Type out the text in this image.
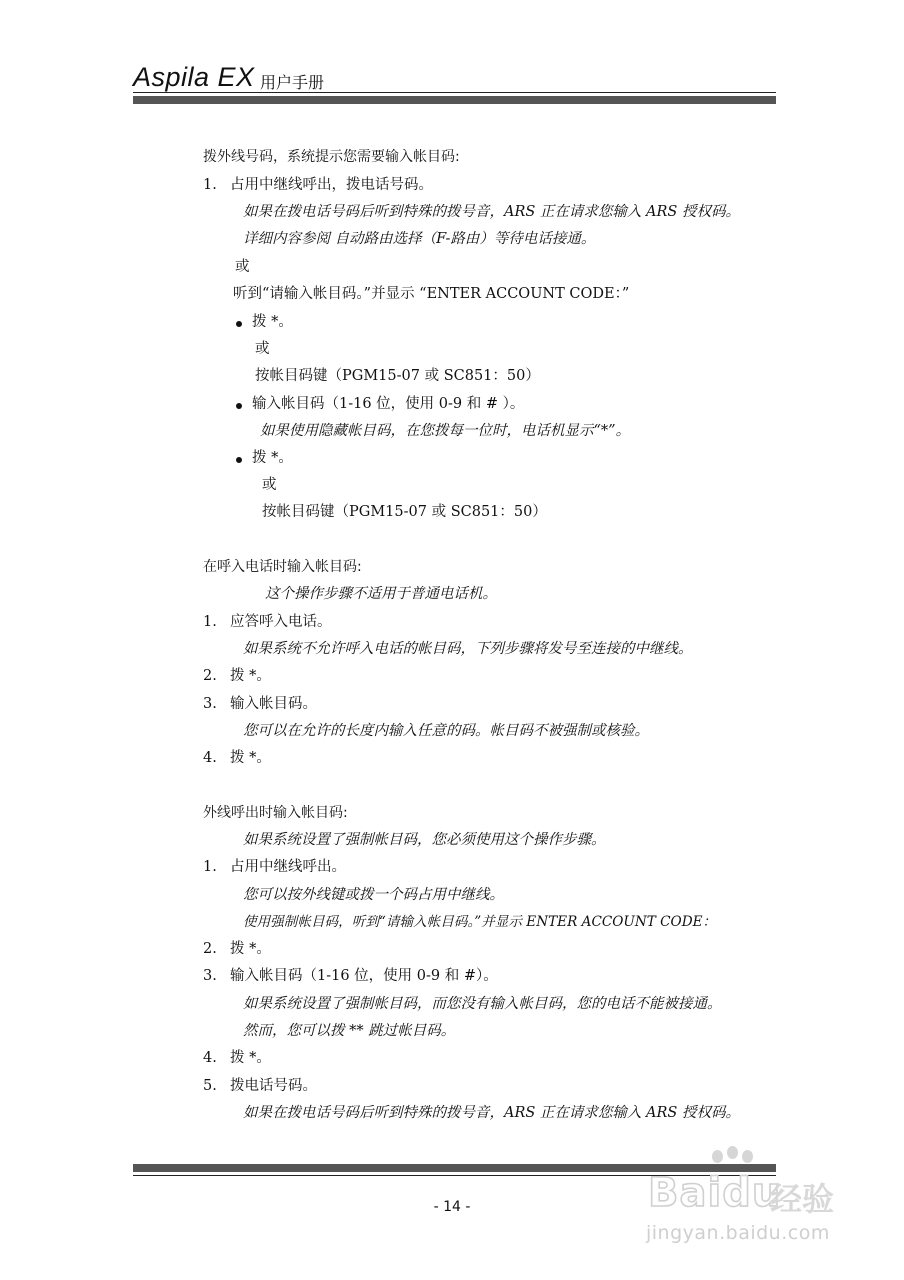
Aspila EX 用户手册
拨外线号码，系统提示您需要输入帐目码:
1. 占用中继线呼出，拨电话号码。
如果在拨电话号码后听到特殊的拨号音，ARS 正在请求您输入 ARS 授权码。
详细内容参阅 自动路由选择（F-路由）等待电话接通。
或
听到“请输入帐目码。”并显示 “ENTER ACCOUNT CODE：”
拨 *。
或
按帐目码键（PGM15-07 或 SC851：50）
输入帐目码（1-16 位，使用 0-9 和 # ）。
如果使用隐藏帐目码，在您拨每一位时，电话机显示“*”。
拨 *。
或
按帐目码键（PGM15-07 或 SC851：50）
在呼入电话时输入帐目码:
这个操作步骤不适用于普通电话机。
1. 应答呼入电话。
如果系统不允许呼入电话的帐目码，下列步骤将发号至连接的中继线。
2. 拨 *。
3. 输入帐目码。
您可以在允许的长度内输入任意的码。帐目码不被强制或核验。
4. 拨 *。
外线呼出时输入帐目码:
如果系统设置了强制帐目码，您必须使用这个操作步骤。
1. 占用中继线呼出。
您可以按外线键或拨一个码占用中继线。
使用强制帐目码，听到“请输入帐目码。”并显示 ENTER ACCOUNT CODE：
2. 拨 *。
3. 输入帐目码（1-16 位，使用 0-9 和 #）。
如果系统设置了强制帐目码，而您没有输入帐目码，您的电话不能被接通。
然而，您可以拨 ** 跳过帐目码。
4. 拨 *。
5. 拨电话号码。
如果在拨电话号码后听到特殊的拨号音，ARS 正在请求您输入 ARS 授权码。
- 14 -	Baidu
经验
jingyan.baidu.com
